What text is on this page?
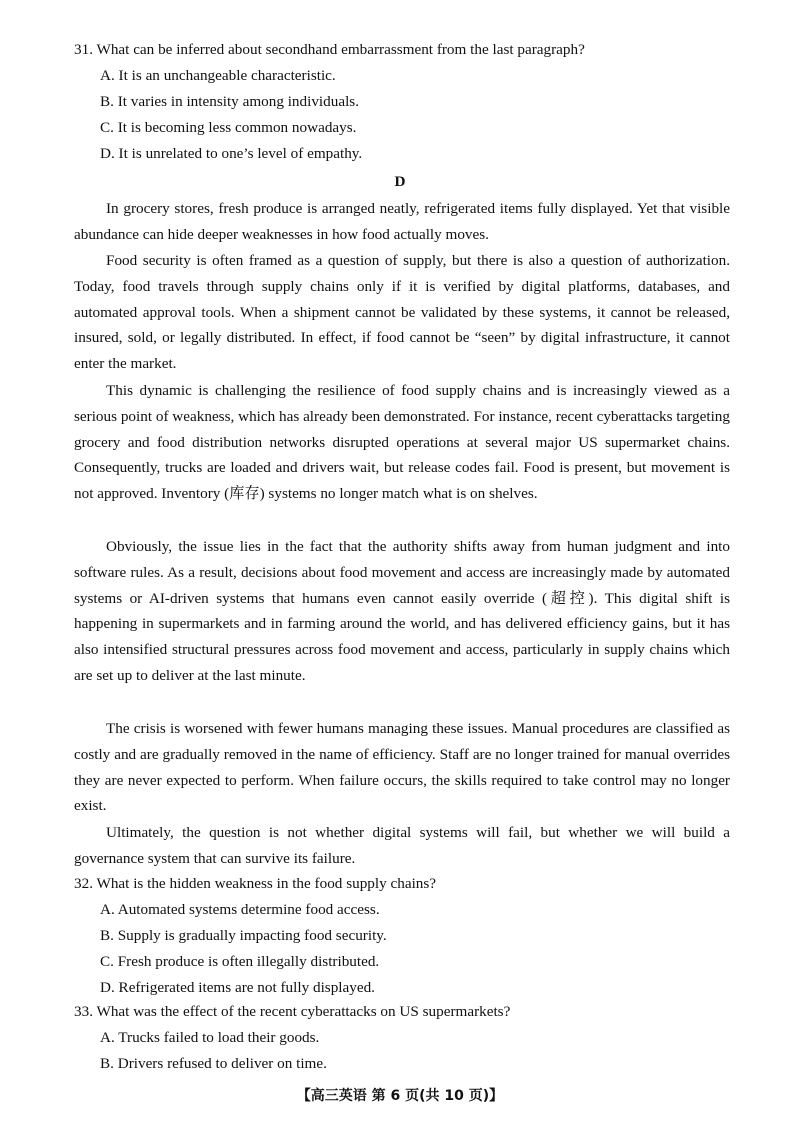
31. What can be inferred about secondhand embarrassment from the last paragraph?
A. It is an unchangeable characteristic.
B. It varies in intensity among individuals.
C. It is becoming less common nowadays.
D. It is unrelated to one’s level of empathy.
D

In grocery stores, fresh produce is arranged neatly, refrigerated items fully displayed. Yet that visible abundance can hide deeper weaknesses in how food actually moves.

Food security is often framed as a question of supply, but there is also a question of authorization. Today, food travels through supply chains only if it is verified by digital platforms, databases, and automated approval tools. When a shipment cannot be validated by these systems, it cannot be released, insured, sold, or legally distributed. In effect, if food cannot be “seen” by digital infrastructure, it cannot enter the market.

This dynamic is challenging the resilience of food supply chains and is increasingly viewed as a serious point of weakness, which has already been demonstrated. For instance, recent cyberattacks targeting grocery and food distribution networks disrupted operations at several major US supermarket chains. Consequently, trucks are loaded and drivers wait, but release codes fail. Food is present, but movement is not approved. Inventory (库存) systems no longer match what is on shelves.

Obviously, the issue lies in the fact that the authority shifts away from human judgment and into software rules. As a result, decisions about food movement and access are increasingly made by automated systems or AI-driven systems that humans even cannot easily override (超控). This digital shift is happening in supermarkets and in farming around the world, and has delivered efficiency gains, but it has also intensified structural pressures across food movement and access, particularly in supply chains which are set up to deliver at the last minute.

The crisis is worsened with fewer humans managing these issues. Manual procedures are classified as costly and are gradually removed in the name of efficiency. Staff are no longer trained for manual overrides they are never expected to perform. When failure occurs, the skills required to take control may no longer exist.

Ultimately, the question is not whether digital systems will fail, but whether we will build a governance system that can survive its failure.

32. What is the hidden weakness in the food supply chains?
A. Automated systems determine food access.
B. Supply is gradually impacting food security.
C. Fresh produce is often illegally distributed.
D. Refrigerated items are not fully displayed.
33. What was the effect of the recent cyberattacks on US supermarkets?
A. Trucks failed to load their goods.
B. Drivers refused to deliver on time.
【高三英语 第 6 页(共 10 页)】
